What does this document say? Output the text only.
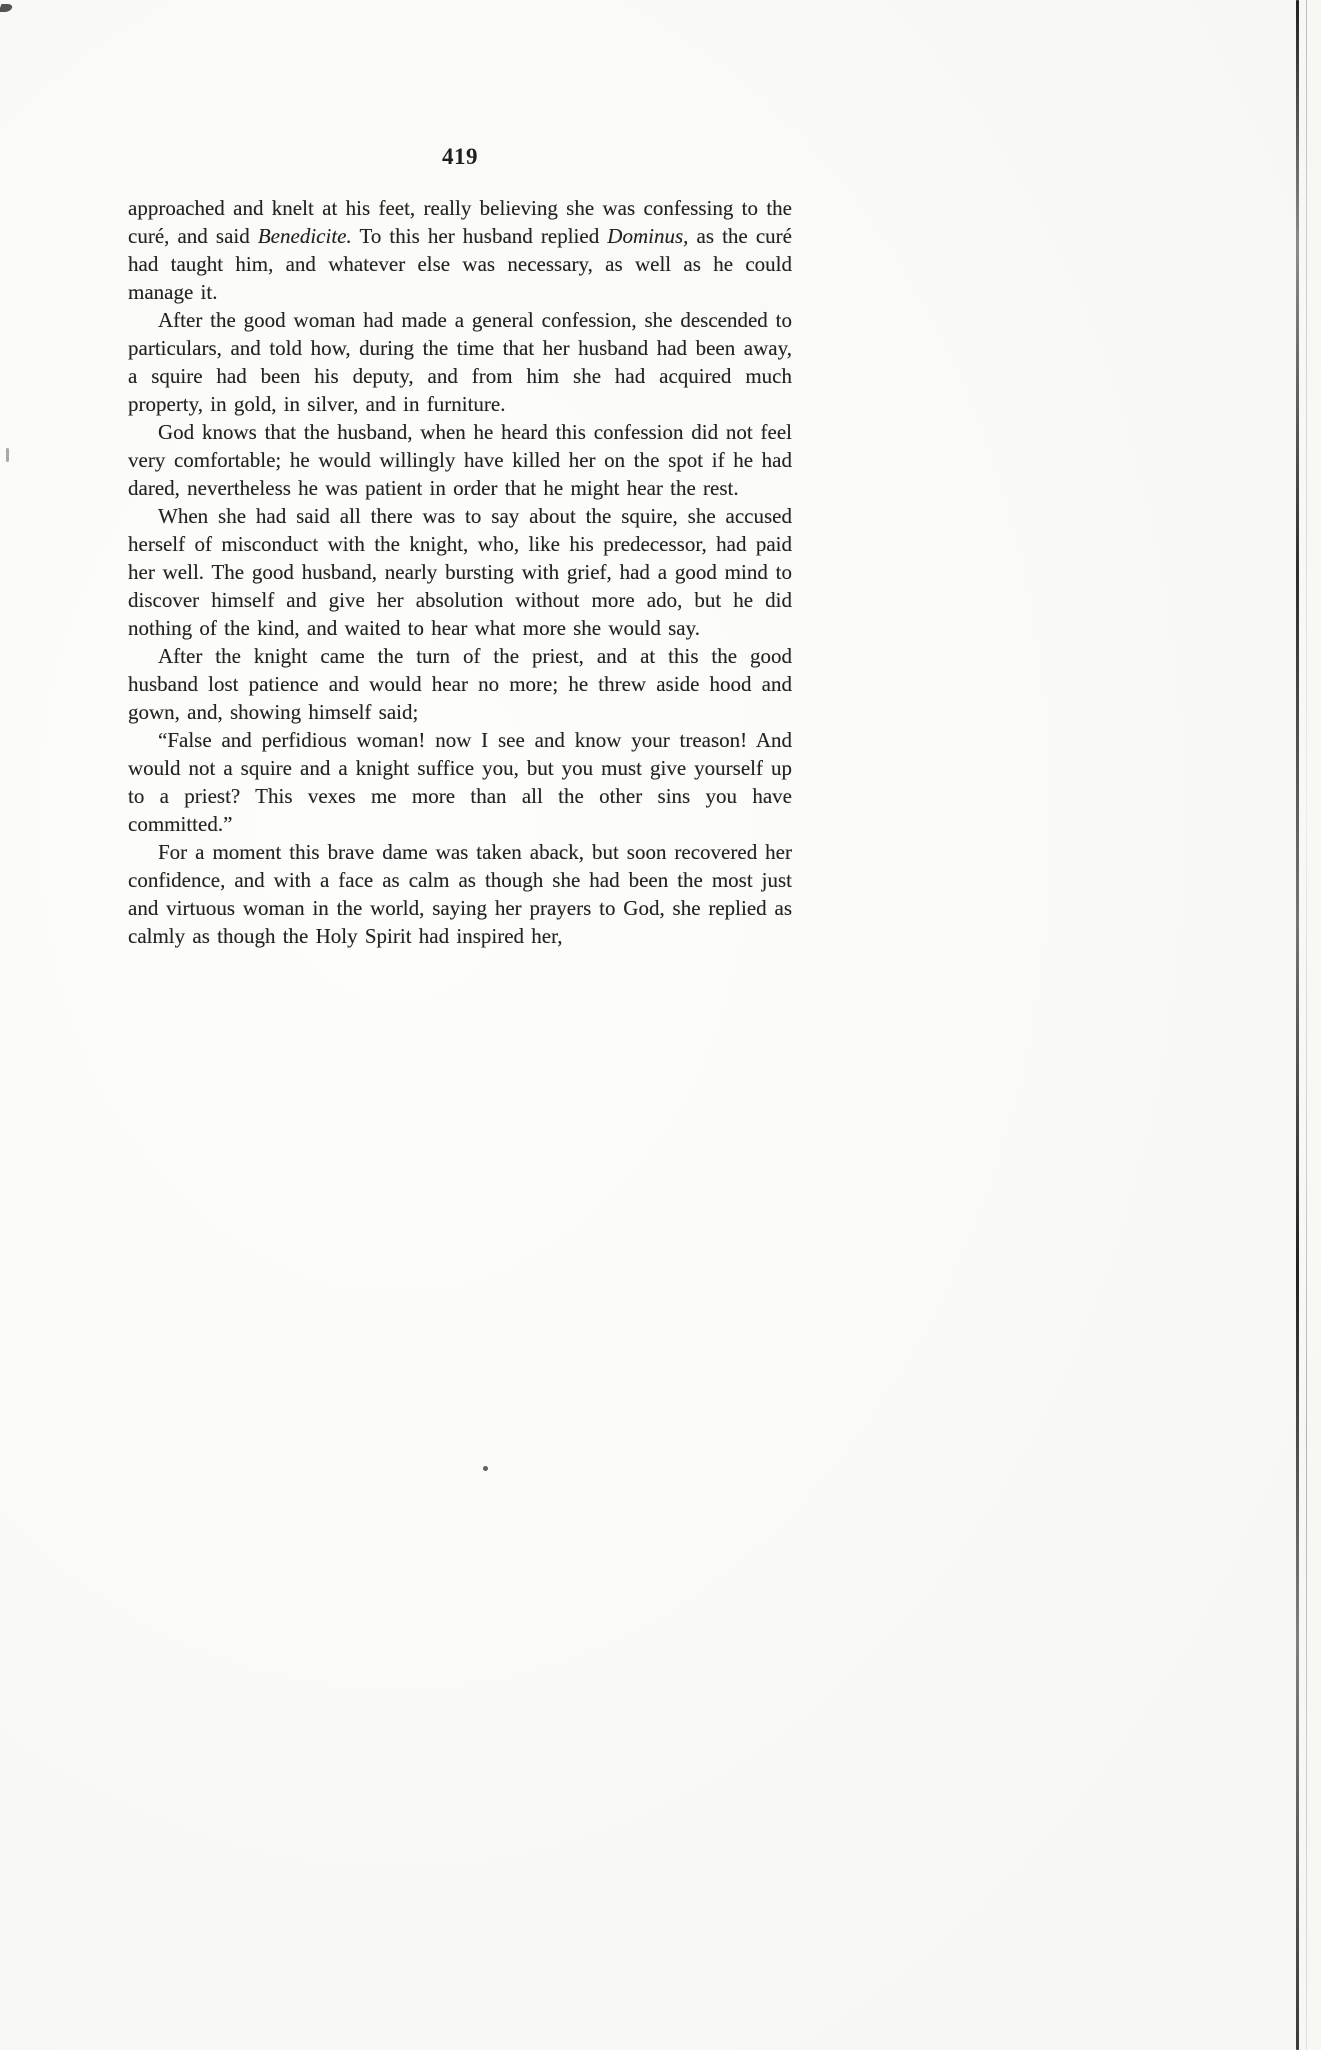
419

approached and knelt at his feet, really believing she was confessing to the curé, and said Benedicite. To this her husband replied Dominus, as the curé had taught him, and whatever else was necessary, as well as he could manage it.

After the good woman had made a general confession, she descended to particulars, and told how, during the time that her husband had been away, a squire had been his deputy, and from him she had acquired much property, in gold, in silver, and in furniture.

God knows that the husband, when he heard this confession did not feel very comfortable; he would willingly have killed her on the spot if he had dared, nevertheless he was patient in order that he might hear the rest.

When she had said all there was to say about the squire, she accused herself of misconduct with the knight, who, like his predecessor, had paid her well. The good husband, nearly bursting with grief, had a good mind to discover himself and give her absolution without more ado, but he did nothing of the kind, and waited to hear what more she would say.

After the knight came the turn of the priest, and at this the good husband lost patience and would hear no more; he threw aside hood and gown, and, showing himself said;

“False and perfidious woman! now I see and know your treason! And would not a squire and a knight suffice you, but you must give yourself up to a priest? This vexes me more than all the other sins you have committed.”

For a moment this brave dame was taken aback, but soon recovered her confidence, and with a face as calm as though she had been the most just and virtuous woman in the world, saying her prayers to God, she replied as calmly as though the Holy Spirit had inspired her,
